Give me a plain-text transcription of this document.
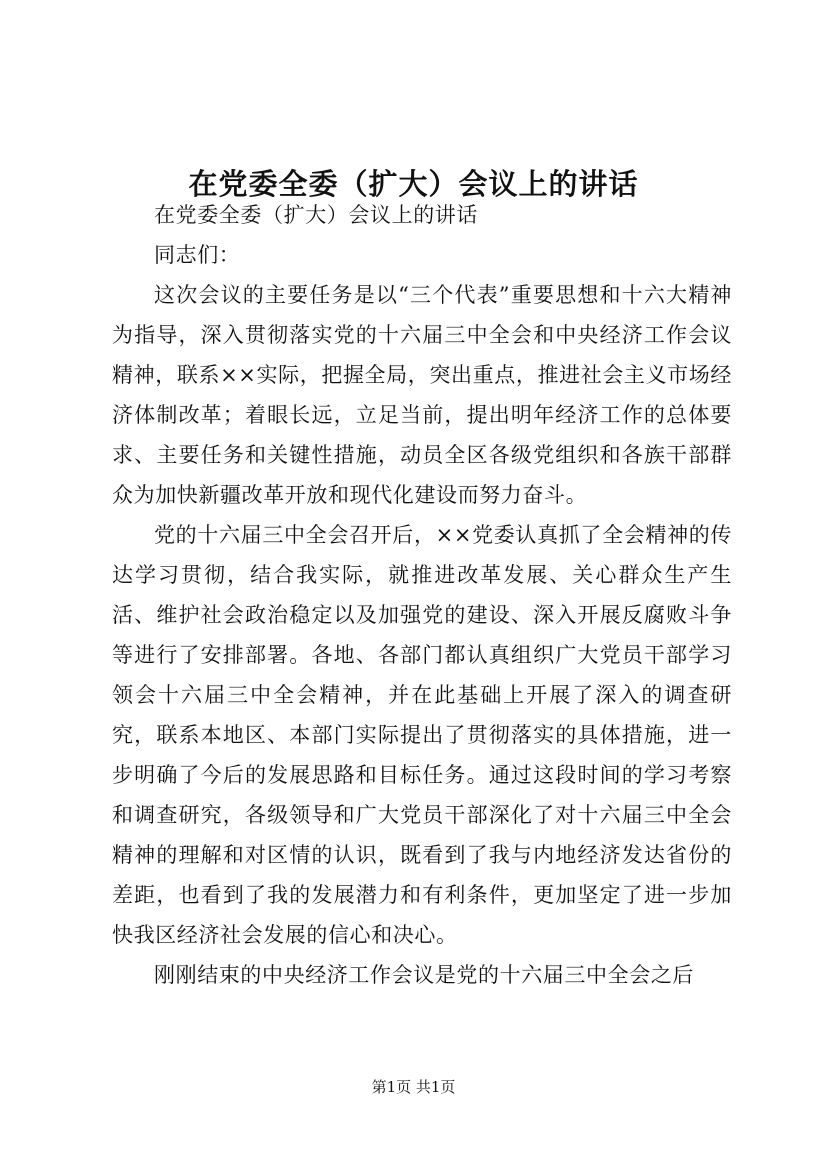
在党委全委（扩大）会议上的讲话

在党委全委（扩大）会议上的讲话

同志们：

这次会议的主要任务是以“三个代表”重要思想和十六大精神为指导，深入贯彻落实党的十六届三中全会和中央经济工作会议精神，联系××实际，把握全局，突出重点，推进社会主义市场经济体制改革；着眼长远，立足当前，提出明年经济工作的总体要求、主要任务和关键性措施，动员全区各级党组织和各族干部群众为加快新疆改革开放和现代化建设而努力奋斗。

党的十六届三中全会召开后，××党委认真抓了全会精神的传达学习贯彻，结合我实际，就推进改革发展、关心群众生产生活、维护社会政治稳定以及加强党的建设、深入开展反腐败斗争等进行了安排部署。各地、各部门都认真组织广大党员干部学习领会十六届三中全会精神，并在此基础上开展了深入的调查研究，联系本地区、本部门实际提出了贯彻落实的具体措施，进一步明确了今后的发展思路和目标任务。通过这段时间的学习考察和调查研究，各级领导和广大党员干部深化了对十六届三中全会精神的理解和对区情的认识，既看到了我与内地经济发达省份的差距，也看到了我的发展潜力和有利条件，更加坚定了进一步加快我区经济社会发展的信心和决心。

刚刚结束的中央经济工作会议是党的十六届三中全会之后

第1页 共1页
